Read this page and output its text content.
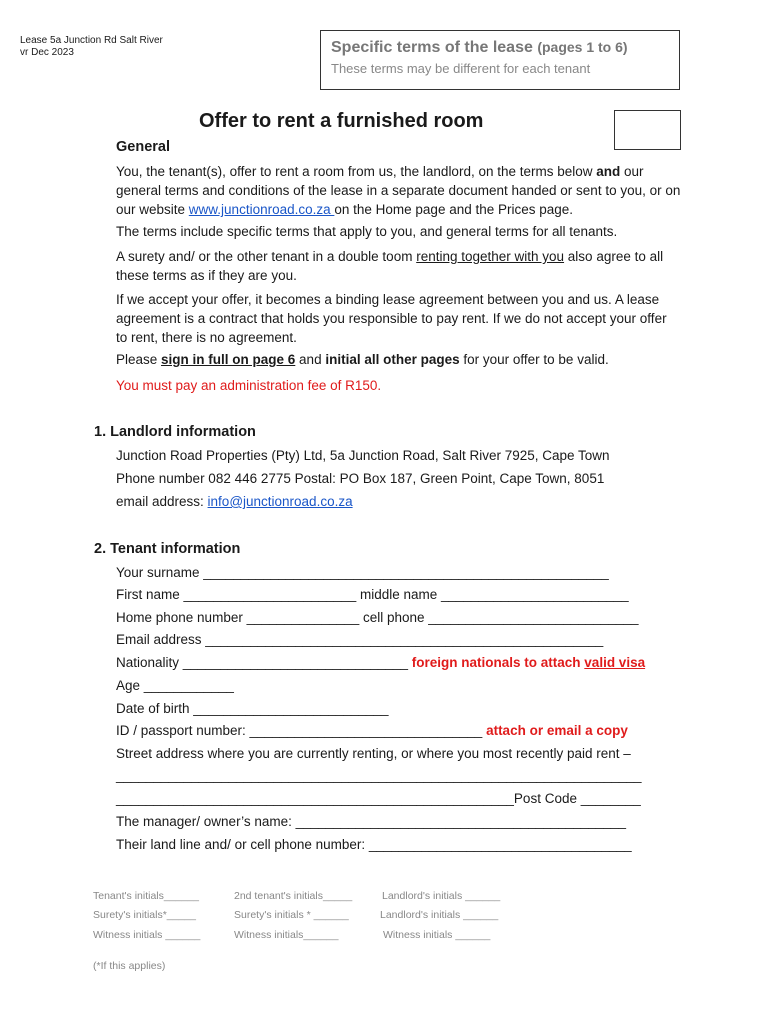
Lease 5a Junction Rd Salt River
vr Dec 2023	Specific terms of the lease (pages 1 to 6)
These terms may be different for each tenant
Offer to rent a furnished room
General
You, the tenant(s), offer to rent a room from us, the landlord, on the terms below and our general terms and conditions of the lease in a separate document handed or sent to you, or on our website www.junctionroad.co.za on the Home page and the Prices page.
The terms include specific terms that apply to you, and general terms for all tenants.
A surety and/ or the other tenant in a double toom renting together with you also agree to all these terms as if they are you.
If we accept your offer, it becomes a binding lease agreement between you and us. A lease agreement is a contract that holds you responsible to pay rent. If we do not accept your offer to rent, there is no agreement.
Please sign in full on page 6 and initial all other pages for your offer to be valid.
You must pay an administration fee of R150.
1. Landlord information
Junction Road Properties (Pty) Ltd, 5a Junction Road, Salt River 7925, Cape Town
Phone number 082 446 2775 Postal: PO Box 187, Green Point, Cape Town, 8051
email address: info@junctionroad.co.za
2. Tenant information
Your surname ______________________________________________________
First name _______________________ middle name _________________________
Home phone number _______________ cell phone ____________________________
Email address _____________________________________________________
Nationality ______________________________ foreign nationals to attach valid visa
Age ____________
Date of birth __________________________
ID / passport number: _______________________________ attach or email a copy
Street address where you are currently renting, or where you most recently paid rent –
______________________________________________________________________
_____________________________________________________Post Code ________
The manager/ owner’s name: ____________________________________________
Their land line and/ or cell phone number: ___________________________________
Tenant's initials______	2nd tenant's initials_____	Landlord's initials ______
Surety's initials*_____	Surety's initials * ______	Landlord's initials ______
Witness initials ______	Witness initials______	Witness initials ______
(*If this applies)
